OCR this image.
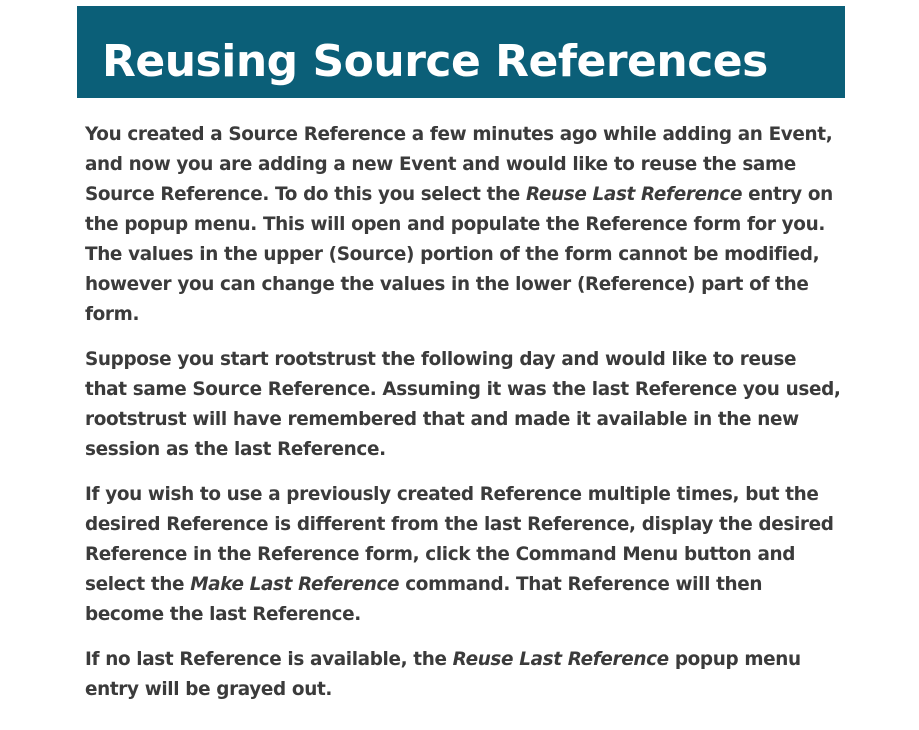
Reusing Source References

You created a Source Reference a few minutes ago while adding an Event,
and now you are adding a new Event and would like to reuse the same
Source Reference. To do this you select the Reuse Last Reference entry on
the popup menu. This will open and populate the Reference form for you.
The values in the upper (Source) portion of the form cannot be modified,
however you can change the values in the lower (Reference) part of the
form.

Suppose you start rootstrust the following day and would like to reuse
that same Source Reference. Assuming it was the last Reference you used,
rootstrust will have remembered that and made it available in the new
session as the last Reference.

If you wish to use a previously created Reference multiple times, but the
desired Reference is different from the last Reference, display the desired
Reference in the Reference form, click the Command Menu button and
select the Make Last Reference command. That Reference will then
become the last Reference.

If no last Reference is available, the Reuse Last Reference popup menu
entry will be grayed out.
